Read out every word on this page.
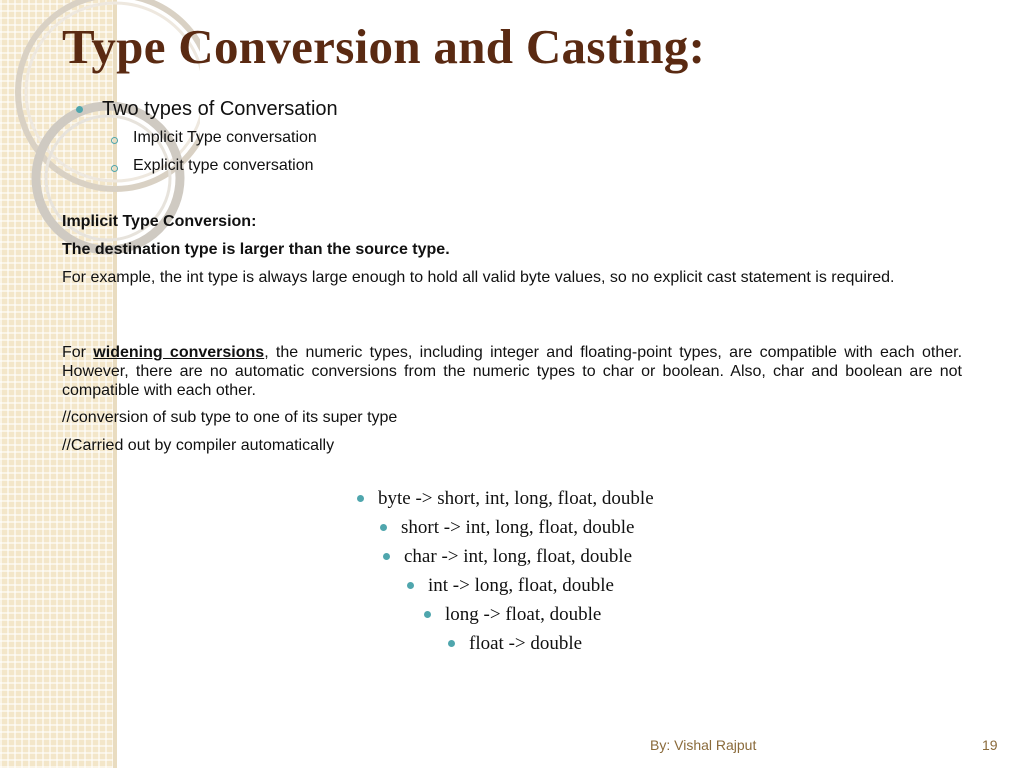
Type Conversion and Casting:
Two types of Conversation
Implicit Type conversation
Explicit type conversation
Implicit Type Conversion:
The destination type is larger than the source type.
For example, the int type is always large enough to hold all valid byte values, so no explicit cast statement is required.
For widening conversions, the numeric types, including integer and floating-point types, are compatible with each other. However, there are no automatic conversions from the numeric types to char or boolean. Also, char and boolean are not compatible with each other.
//conversion of sub type to one of its super type
//Carried out by compiler automatically
byte -> short, int, long, float, double
short -> int, long, float, double
char -> int, long, float, double
int -> long, float, double
long -> float, double
float -> double
By: Vishal Rajput	19
